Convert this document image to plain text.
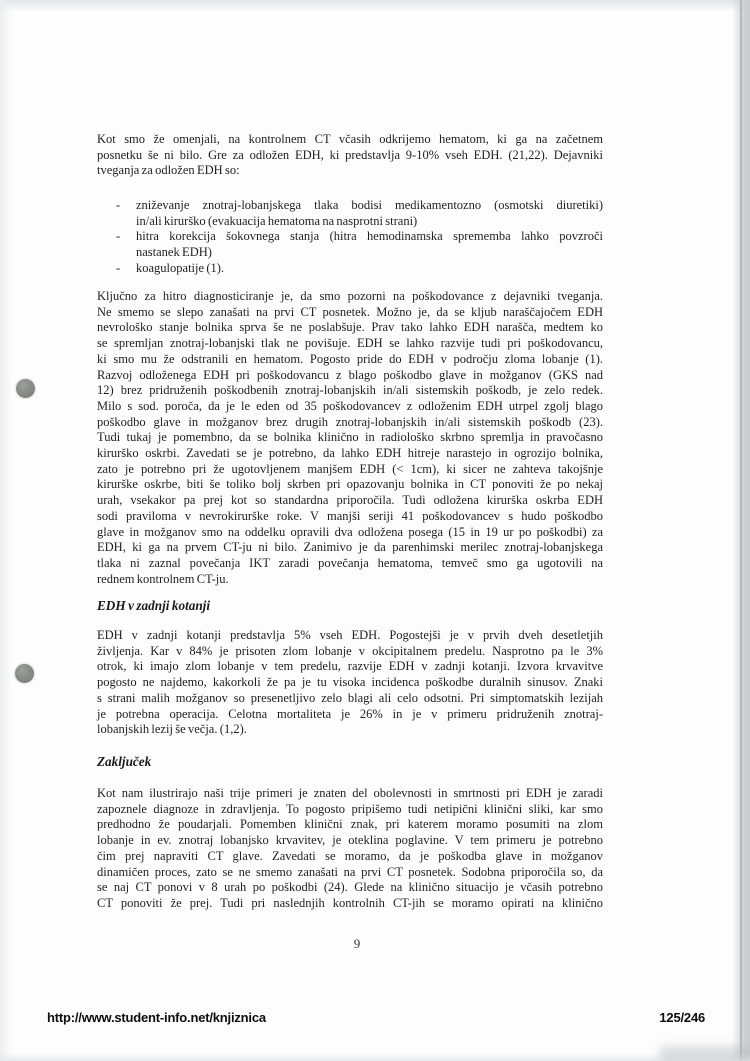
Kot smo že omenjali, na kontrolnem CT včasih odkrijemo hematom, ki ga na začetnem
posnetku še ni bilo. Gre za odložen EDH, ki predstavlja 9-10% vseh EDH. (21,22). Dejavniki
tveganja za odložen EDH so:
- zniževanje znotraj-lobanjskega tlaka bodisi medikamentozno (osmotski diuretiki)
in/ali kirurško (evakuacija hematoma na nasprotni strani)
- hitra korekcija šokovnega stanja (hitra hemodinamska sprememba lahko povzroči
nastanek EDH)
- koagulopatije (1).
Ključno za hitro diagnosticiranje je, da smo pozorni na poškodovance z dejavniki tveganja.
Ne smemo se slepo zanašati na prvi CT posnetek. Možno je, da se kljub naraščajočem EDH
nevrološko stanje bolnika sprva še ne poslabšuje. Prav tako lahko EDH narašča, medtem ko
se spremljan znotraj-lobanjski tlak ne povišuje. EDH se lahko razvije tudi pri poškodovancu,
ki smo mu že odstranili en hematom. Pogosto pride do EDH v področju zloma lobanje (1).
Razvoj odloženega EDH pri poškodovancu z blago poškodbo glave in možganov (GKS nad
12) brez pridruženih poškodbenih znotraj-lobanjskih in/ali sistemskih poškodb, je zelo redek.
Milo s sod. poroča, da je le eden od 35 poškodovancev z odloženim EDH utrpel zgolj blago
poškodbo glave in možganov brez drugih znotraj-lobanjskih in/ali sistemskih poškodb (23).
Tudi tukaj je pomembno, da se bolnika klinično in radiološko skrbno spremlja in pravočasno
kirurško oskrbi. Zavedati se je potrebno, da lahko EDH hitreje narastejo in ogrozijo bolnika,
zato je potrebno pri že ugotovljenem manjšem EDH (< 1cm), ki sicer ne zahteva takojšnje
kirurške oskrbe, biti še toliko bolj skrben pri opazovanju bolnika in CT ponoviti že po nekaj
urah, vsekakor pa prej kot so standardna priporočila. Tudi odložena kirurška oskrba EDH
sodi praviloma v nevrokirurške roke. V manjši seriji 41 poškodovancev s hudo poškodbo
glave in možganov smo na oddelku opravili dva odložena posega (15 in 19 ur po poškodbi) za
EDH, ki ga na prvem CT-ju ni bilo. Zanimivo je da parenhimski merilec znotraj-lobanjskega
tlaka ni zaznal povečanja IKT zaradi povečanja hematoma, temveč smo ga ugotovili na
rednem kontrolnem CT-ju.
EDH v zadnji kotanji
EDH v zadnji kotanji predstavlja 5% vseh EDH. Pogostejši je v prvih dveh desetletjih
življenja. Kar v 84% je prisoten zlom lobanje v okcipitalnem predelu. Nasprotno pa le 3%
otrok, ki imajo zlom lobanje v tem predelu, razvije EDH v zadnji kotanji. Izvora krvavitve
pogosto ne najdemo, kakorkoli že pa je tu visoka incidenca poškodbe duralnih sinusov. Znaki
s strani malih možganov so presenetljivo zelo blagi ali celo odsotni. Pri simptomatskih lezijah
je potrebna operacija. Celotna mortaliteta je 26% in je v primeru pridruženih znotraj-
lobanjskih lezij še večja. (1,2).
Zaključek
Kot nam ilustrirajo naši trije primeri je znaten del obolevnosti in smrtnosti pri EDH je zaradi
zapoznele diagnoze in zdravljenja. To pogosto pripišemo tudi netipični klinični sliki, kar smo
predhodno že poudarjali. Pomemben klinični znak, pri katerem moramo posumiti na zlom
lobanje in ev. znotraj lobanjsko krvavitev, je oteklina poglavine. V tem primeru je potrebno
čim prej napraviti CT glave. Zavedati se moramo, da je poškodba glave in možganov
dinamičen proces, zato se ne smemo zanašati na prvi CT posnetek. Sodobna priporočila so, da
se naj CT ponovi v 8 urah po poškodbi (24). Glede na klinično situacijo je včasih potrebno
CT ponoviti že prej. Tudi pri naslednjih kontrolnih CT-jih se moramo opirati na klinično
9
http://www.student-info.net/knjiznica	125/246
